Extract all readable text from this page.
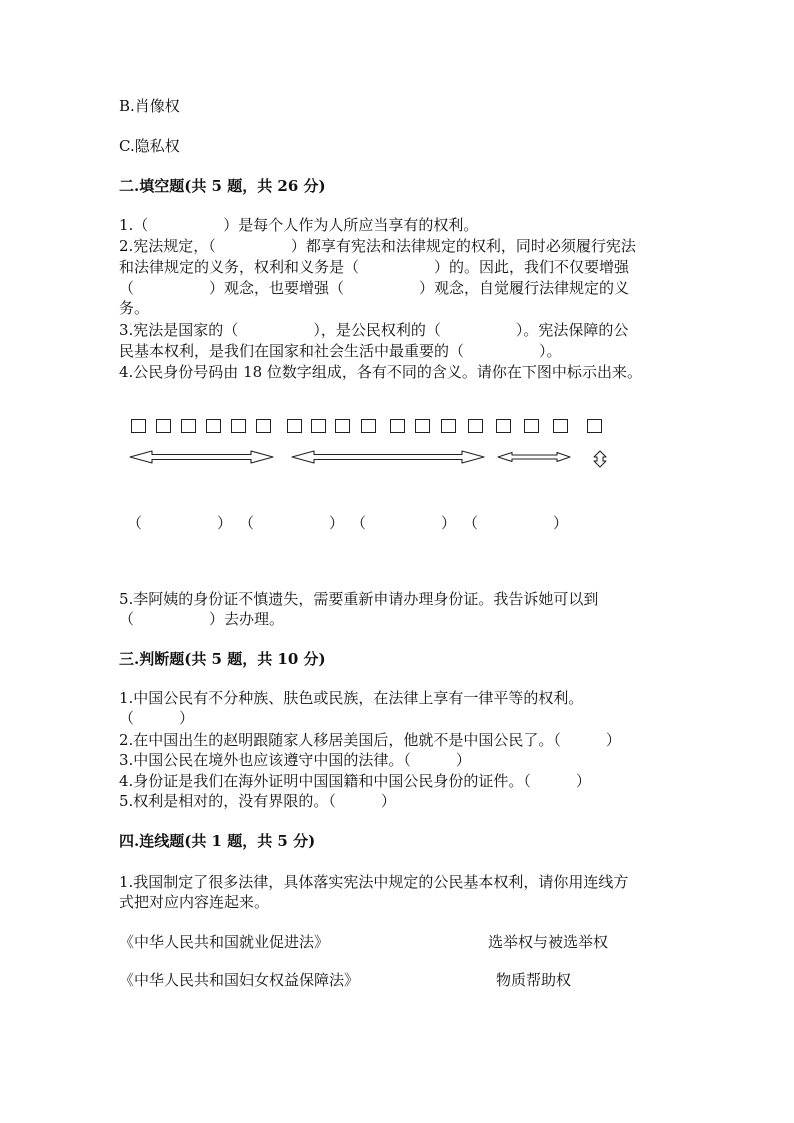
B.肖像权
C.隐私权
二.填空题(共 5 题，共 26 分)
1.（　　　　　）是每个人作为人所应当享有的权利。
2.宪法规定，（　　　　　）都享有宪法和法律规定的权利，同时必须履行宪法
和法律规定的义务，权利和义务是（　　　　　）的。因此，我们不仅要增强
（　　　　　）观念，也要增强（　　　　　）观念，自觉履行法律规定的义
务。
3.宪法是国家的（　　　　　），是公民权利的（　　　　　）。宪法保障的公
民基本权利，是我们在国家和社会生活中最重要的（　　　　　）。
4.公民身份号码由 18 位数字组成，各有不同的含义。请你在下图中标示出来。
（　　　　　） （　　　　　） （　　　　　） （　　　　　）
5.李阿姨的身份证不慎遗失，需要重新申请办理身份证。我告诉她可以到
（　　　　　）去办理。
三.判断题(共 5 题，共 10 分)
1.中国公民有不分种族、肤色或民族，在法律上享有一律平等的权利。
（　　　）
2.在中国出生的赵明跟随家人移居美国后，他就不是中国公民了。（　　　）
3.中国公民在境外也应该遵守中国的法律。（　　　）
4.身份证是我们在海外证明中国国籍和中国公民身份的证件。（　　　）
5.权利是相对的，没有界限的。（　　　）
四.连线题(共 1 题，共 5 分)
1.我国制定了很多法律，具体落实宪法中规定的公民基本权利，请你用连线方
式把对应内容连起来。
《中华人民共和国就业促进法》	选举权与被选举权
《中华人民共和国妇女权益保障法》	物质帮助权
